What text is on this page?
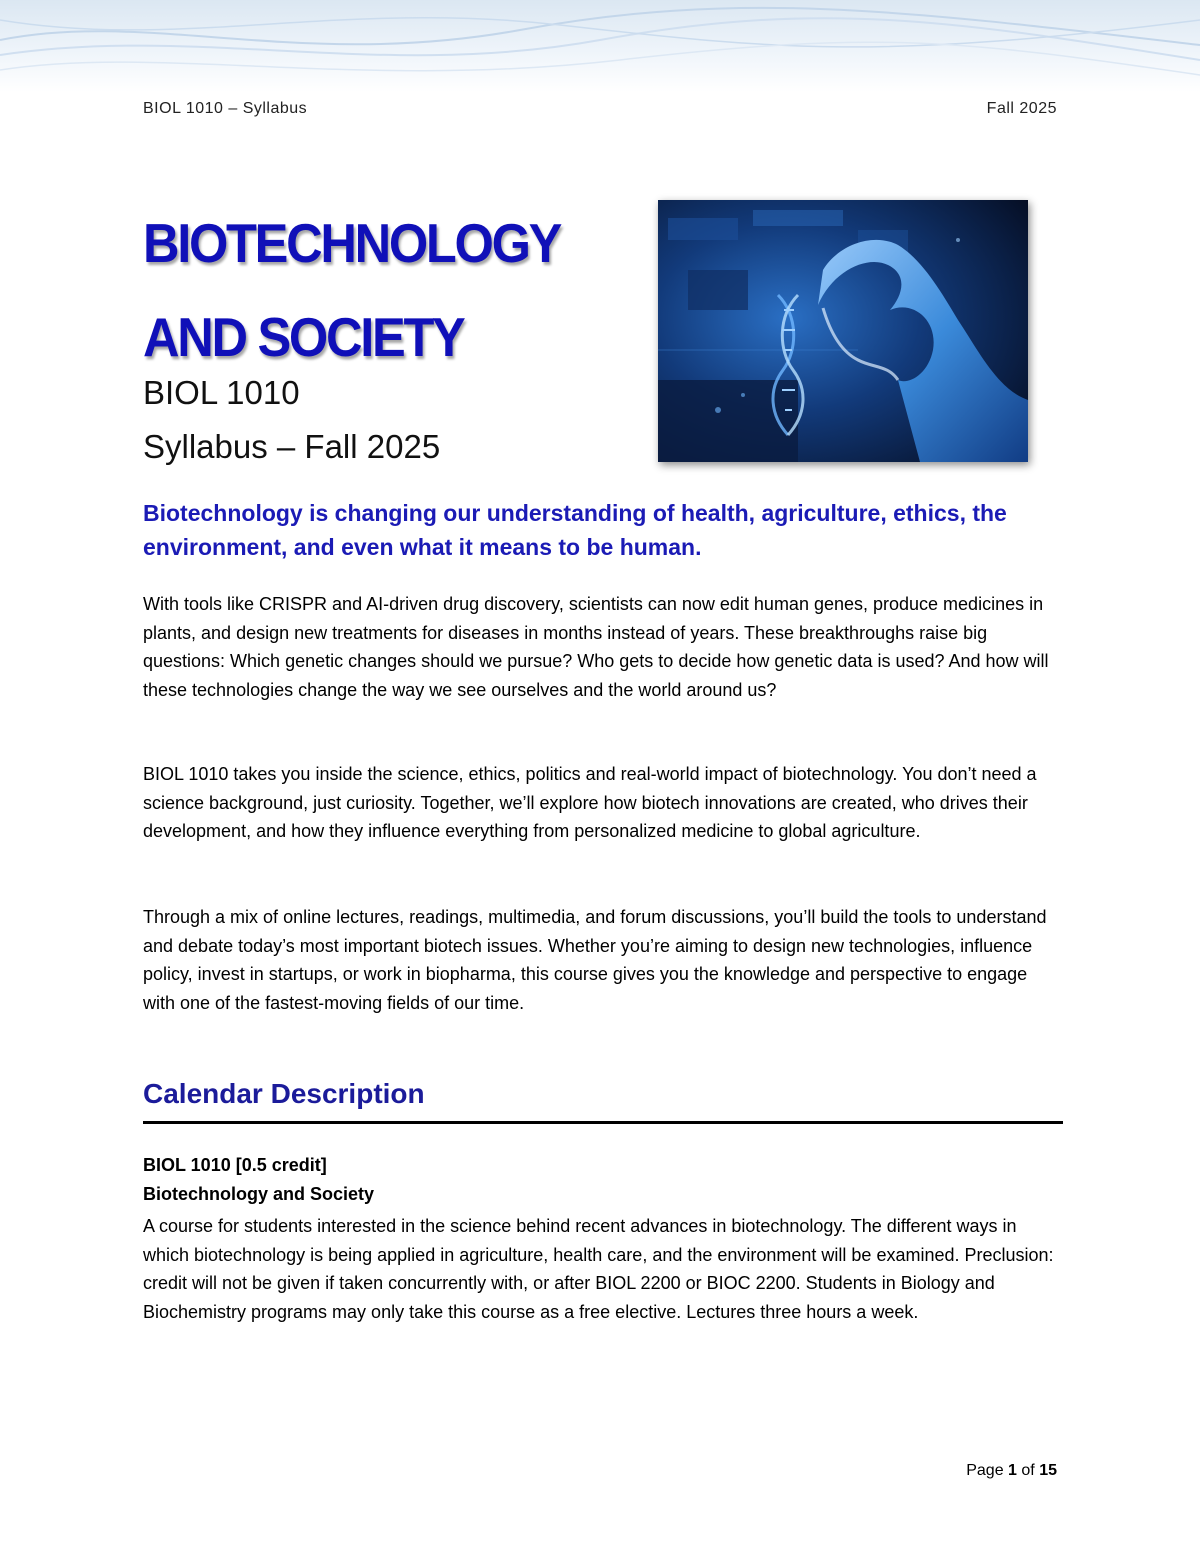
BIOL 1010 – Syllabus	Fall 2025
BIOTECHNOLOGY
AND SOCIETY
BIOL 1010
Syllabus – Fall 2025

Biotechnology is changing our understanding of health, agriculture, ethics, the environment, and even what it means to be human.

With tools like CRISPR and AI-driven drug discovery, scientists can now edit human genes, produce medicines in plants, and design new treatments for diseases in months instead of years. These breakthroughs raise big questions: Which genetic changes should we pursue? Who gets to decide how genetic data is used? And how will these technologies change the way we see ourselves and the world around us?

BIOL 1010 takes you inside the science, ethics, politics and real-world impact of biotechnology. You don’t need a science background, just curiosity. Together, we’ll explore how biotech innovations are created, who drives their development, and how they influence everything from personalized medicine to global agriculture.

Through a mix of online lectures, readings, multimedia, and forum discussions, you’ll build the tools to understand and debate today’s most important biotech issues. Whether you’re aiming to design new technologies, influence policy, invest in startups, or work in biopharma, this course gives you the knowledge and perspective to engage with one of the fastest-moving fields of our time.

Calendar Description
BIOL 1010 [0.5 credit]
Biotechnology and Society

A course for students interested in the science behind recent advances in biotechnology. The different ways in which biotechnology is being applied in agriculture, health care, and the environment will be examined. Preclusion: credit will not be given if taken concurrently with, or after BIOL 2200 or BIOC 2200. Students in Biology and Biochemistry programs may only take this course as a free elective. Lectures three hours a week.

Page 1 of 15
